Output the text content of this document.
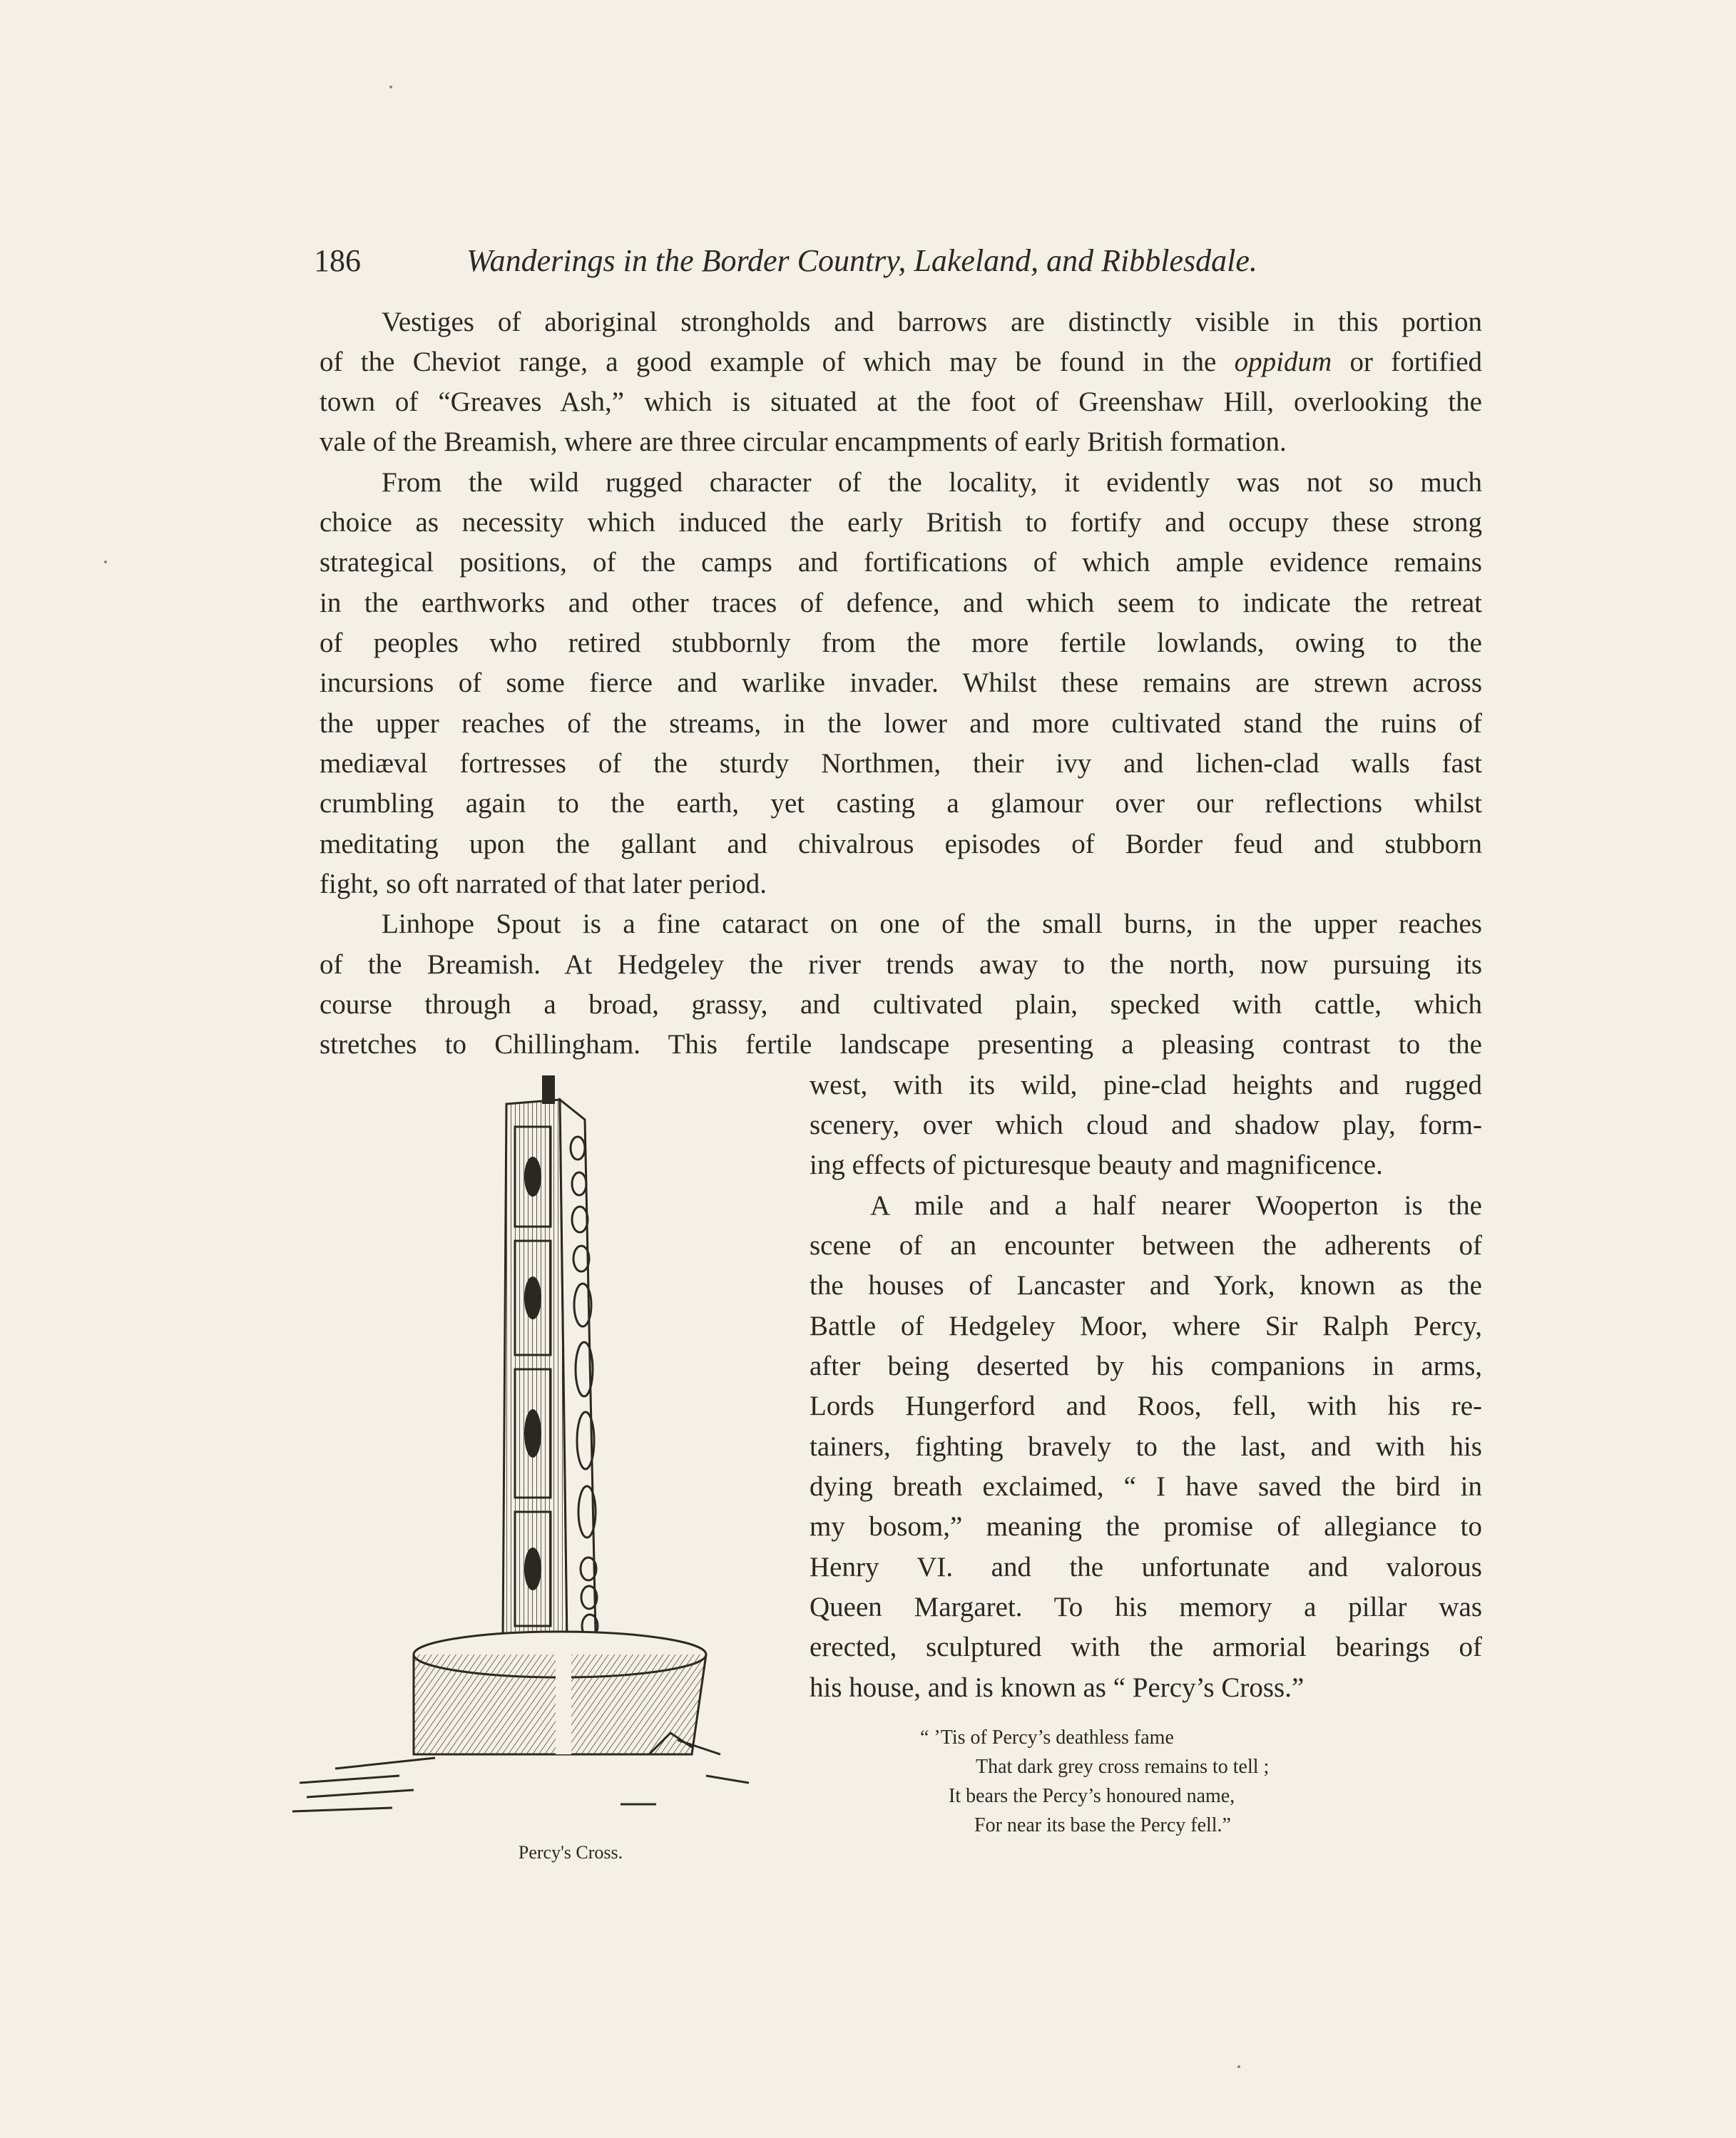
186	Wanderings in the Border Country, Lakeland, and Ribblesdale.
Vestiges of aboriginal strongholds and barrows are distinctly visible in this portion
of the Cheviot range, a good example of which may be found in the oppidum or fortified
town of “Greaves Ash,” which is situated at the foot of Greenshaw Hill, overlooking the
vale of the Breamish, where are three circular encampments of early British formation.
From the wild rugged character of the locality, it evidently was not so much
choice as necessity which induced the early British to fortify and occupy these strong
strategical positions, of the camps and fortifications of which ample evidence remains
in the earthworks and other traces of defence, and which seem to indicate the retreat
of peoples who retired stubbornly from the more fertile lowlands, owing to the
incursions of some fierce and warlike invader. Whilst these remains are strewn across
the upper reaches of the streams, in the lower and more cultivated stand the ruins of
mediæval fortresses of the sturdy Northmen, their ivy and lichen-clad walls fast
crumbling again to the earth, yet casting a glamour over our reflections whilst
meditating upon the gallant and chivalrous episodes of Border feud and stubborn
fight, so oft narrated of that later period.
Linhope Spout is a fine cataract on one of the small burns, in the upper reaches
of the Breamish. At Hedgeley the river trends away to the north, now pursuing its
course through a broad, grassy, and cultivated plain, specked with cattle, which
stretches to Chillingham. This fertile landscape presenting a pleasing contrast to the
west, with its wild, pine-clad heights and rugged
scenery, over which cloud and shadow play, form-
ing effects of picturesque beauty and magnificence.
A mile and a half nearer Wooperton is the
scene of an encounter between the adherents of
the houses of Lancaster and York, known as the
Battle of Hedgeley Moor, where Sir Ralph Percy,
after being deserted by his companions in arms,
Lords Hungerford and Roos, fell, with his re-
tainers, fighting bravely to the last, and with his
dying breath exclaimed, “ I have saved the bird in
my bosom,” meaning the promise of allegiance to
Henry VI. and the unfortunate and valorous
Queen Margaret. To his memory a pillar was
erected, sculptured with the armorial bearings of
his house, and is known as “ Percy’s Cross.”
“ ’Tis of Percy’s deathless fame
That dark grey cross remains to tell ;
It bears the Percy’s honoured name,
For near its base the Percy fell.”
Percy's Cross.
